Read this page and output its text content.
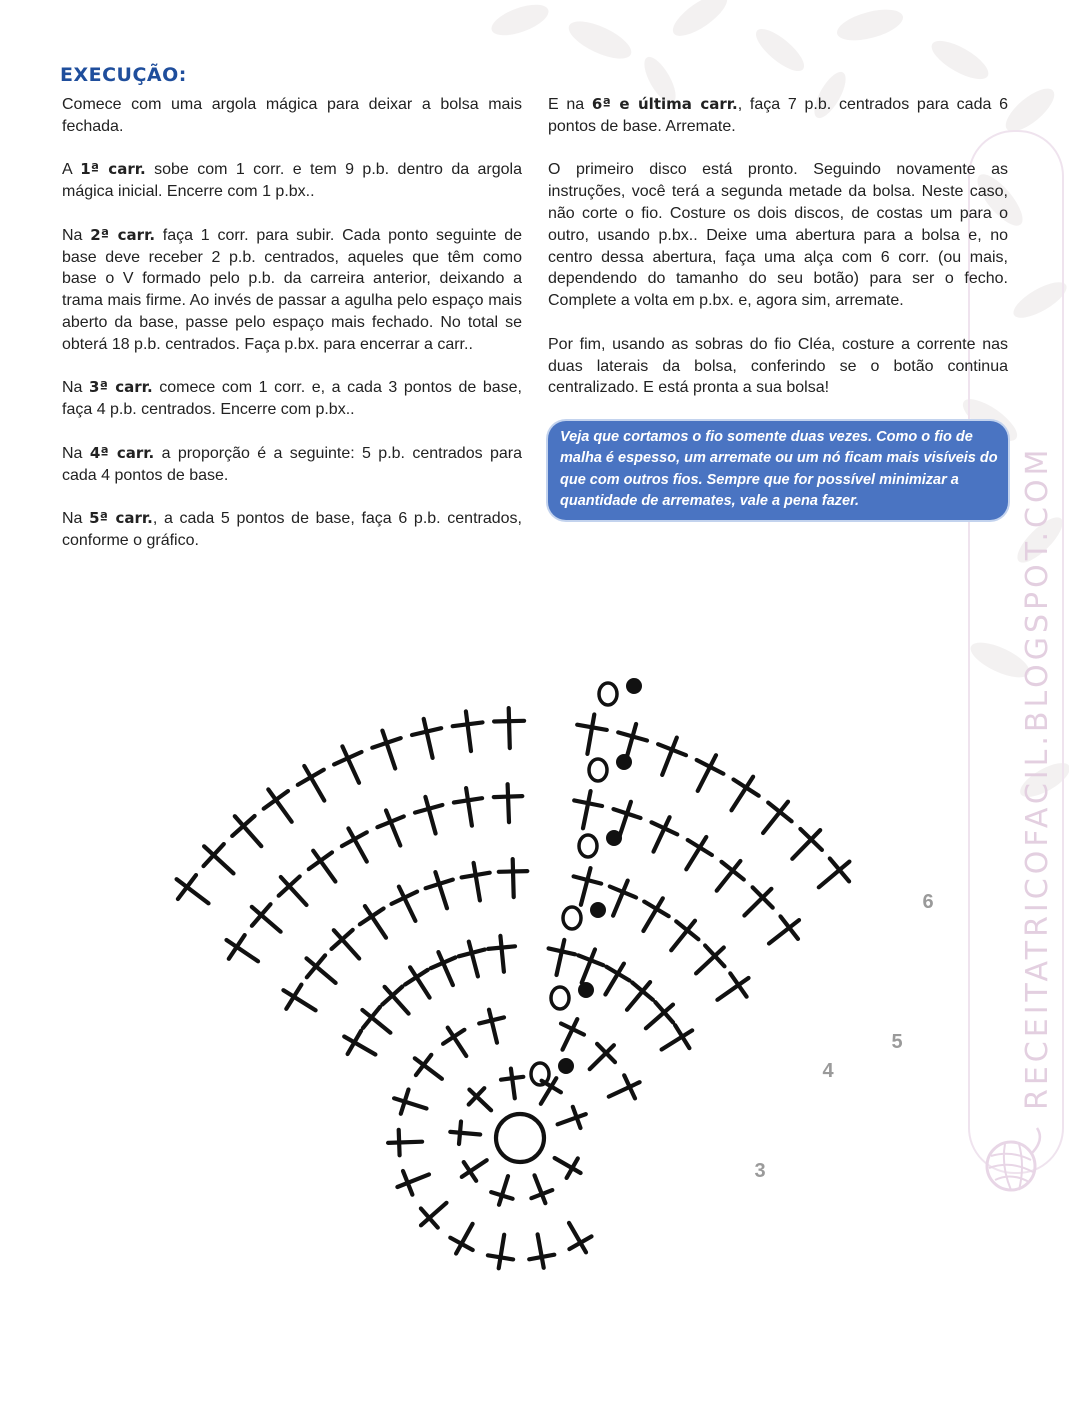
EXECUÇÃO:

Comece com uma argola mágica para deixar a bolsa mais fechada.

A 1ª carr. sobe com 1 corr. e tem 9 p.b. dentro da argola mágica inicial. Encerre com 1 p.bx..

Na 2ª carr. faça 1 corr. para subir. Cada ponto seguinte de base deve receber 2 p.b. centrados, aqueles que têm como base o V formado pelo p.b. da carreira anterior, deixando a trama mais firme. Ao invés de passar a agulha pelo espaço mais aberto da base, passe pelo espaço mais fechado. No total se obterá 18 p.b. centrados. Faça p.bx. para encerrar a carr..

Na 3ª carr. comece com 1 corr. e, a cada 3 pontos de base, faça 4 p.b. centrados. Encerre com p.bx..

Na 4ª carr. a proporção é a seguinte: 5 p.b. centrados para cada 4 pontos de base.

Na 5ª carr., a cada 5 pontos de base, faça 6 p.b. centrados, conforme o gráfico.

E na 6ª e última carr., faça 7 p.b. centrados para cada 6 pontos de base. Arremate.

O primeiro disco está pronto. Seguindo novamente as instruções, você terá a segunda metade da bolsa. Neste caso, não corte o fio. Costure os dois discos, de costas um para o outro, usando p.bx.. Deixe uma abertura para a bolsa e, no centro dessa abertura, faça uma alça com 6 corr. (ou mais, dependendo do tamanho do seu botão) para ser o fecho. Complete a volta em p.bx. e, agora sim, arremate.

Por fim, usando as sobras do fio Cléa, costure a corrente nas duas laterais da bolsa, conferindo se o botão continua centralizado. E está pronta a sua bolsa!

Veja que cortamos o fio somente duas vezes. Como o fio de malha é espesso, um arremate ou um nó ficam mais visíveis do que com outros fios. Sempre que for possível minimizar a quantidade de arremates, vale a pena fazer.	RECEITATRICOFACIL.BLOGSPOT.COM
3
4
5
6
